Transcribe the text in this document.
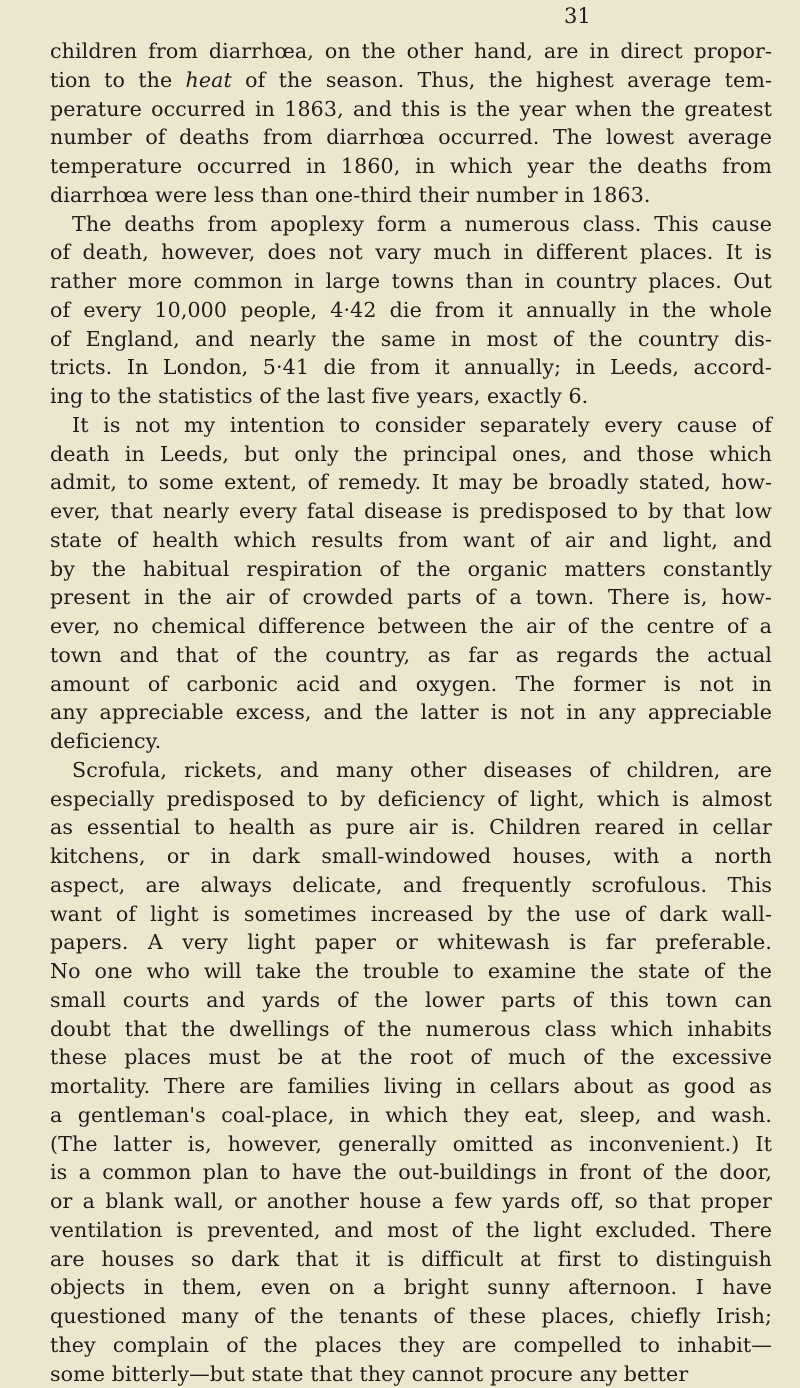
31
children from diarrhœa, on the other hand, are in direct propor-
tion to the heat of the season. Thus, the highest average tem-
perature occurred in 1863, and this is the year when the greatest
number of deaths from diarrhœa occurred. The lowest average
temperature occurred in 1860, in which year the deaths from
diarrhœa were less than one-third their number in 1863.
The deaths from apoplexy form a numerous class. This cause
of death, however, does not vary much in different places. It is
rather more common in large towns than in country places. Out
of every 10,000 people, 4·42 die from it annually in the whole
of England, and nearly the same in most of the country dis-
tricts. In London, 5·41 die from it annually; in Leeds, accord-
ing to the statistics of the last five years, exactly 6.
It is not my intention to consider separately every cause of
death in Leeds, but only the principal ones, and those which
admit, to some extent, of remedy. It may be broadly stated, how-
ever, that nearly every fatal disease is predisposed to by that low
state of health which results from want of air and light, and
by the habitual respiration of the organic matters constantly
present in the air of crowded parts of a town. There is, how-
ever, no chemical difference between the air of the centre of a
town and that of the country, as far as regards the actual
amount of carbonic acid and oxygen. The former is not in
any appreciable excess, and the latter is not in any appreciable
deficiency.
Scrofula, rickets, and many other diseases of children, are
especially predisposed to by deficiency of light, which is almost
as essential to health as pure air is. Children reared in cellar
kitchens, or in dark small-windowed houses, with a north
aspect, are always delicate, and frequently scrofulous. This
want of light is sometimes increased by the use of dark wall-
papers. A very light paper or whitewash is far preferable.
No one who will take the trouble to examine the state of the
small courts and yards of the lower parts of this town can
doubt that the dwellings of the numerous class which inhabits
these places must be at the root of much of the excessive
mortality. There are families living in cellars about as good as
a gentleman's coal-place, in which they eat, sleep, and wash.
(The latter is, however, generally omitted as inconvenient.) It
is a common plan to have the out-buildings in front of the door,
or a blank wall, or another house a few yards off, so that proper
ventilation is prevented, and most of the light excluded. There
are houses so dark that it is difficult at first to distinguish
objects in them, even on a bright sunny afternoon. I have
questioned many of the tenants of these places, chiefly Irish;
they complain of the places they are compelled to inhabit—
some bitterly—but state that they cannot procure any better
